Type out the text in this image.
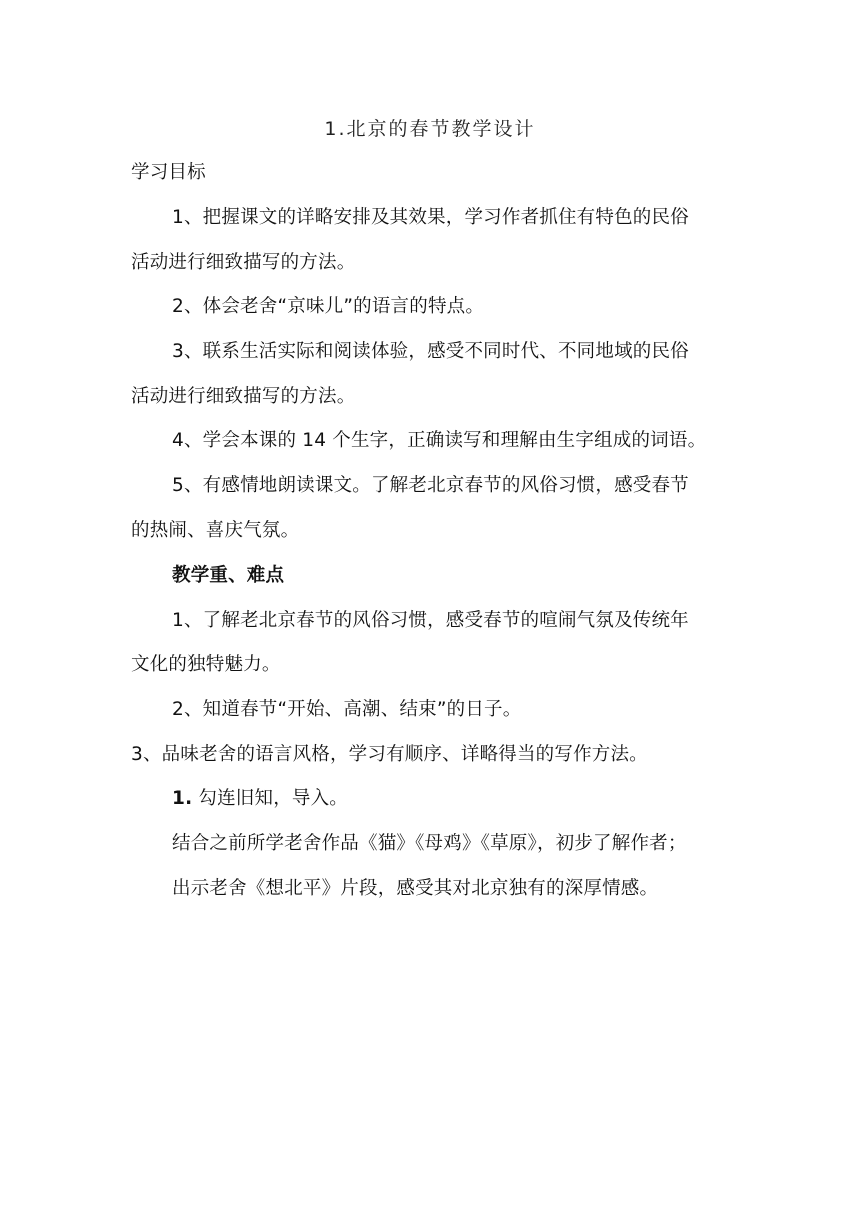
1.北京的春节教学设计
学习目标
1、把握课文的详略安排及其效果，学习作者抓住有特色的民俗
活动进行细致描写的方法。
2、体会老舍“京味儿”的语言的特点。
3、联系生活实际和阅读体验，感受不同时代、不同地域的民俗
活动进行细致描写的方法。
4、学会本课的 14 个生字，正确读写和理解由生字组成的词语。
5、有感情地朗读课文。了解老北京春节的风俗习惯，感受春节
的热闹、喜庆气氛。
教学重、难点
1、了解老北京春节的风俗习惯，感受春节的喧闹气氛及传统年
文化的独特魅力。
2、知道春节“开始、高潮、结束”的日子。
3、品味老舍的语言风格，学习有顺序、详略得当的写作方法。
1. 勾连旧知，导入。
结合之前所学老舍作品《猫》《母鸡》《草原》，初步了解作者；
出示老舍《想北平》片段，感受其对北京独有的深厚情感。
